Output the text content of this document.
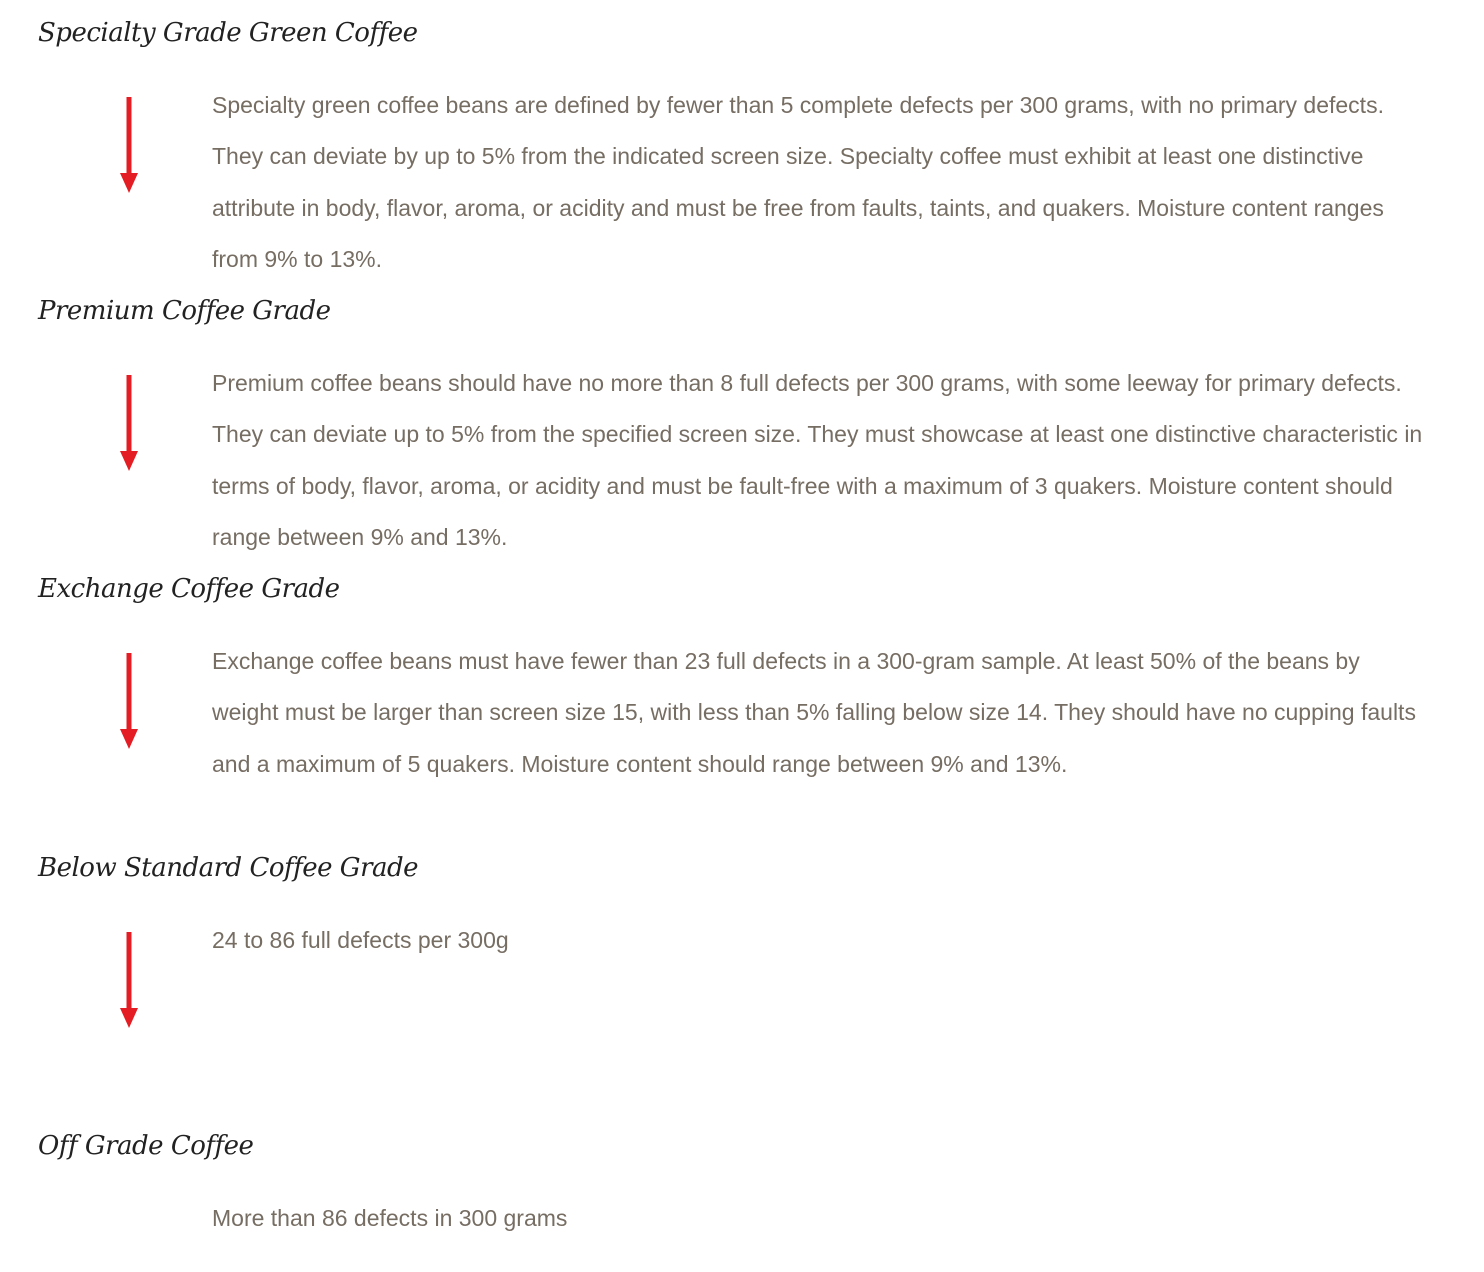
Specialty Grade Green Coffee

Specialty green coffee beans are defined by fewer than 5 complete defects per 300 grams, with no primary defects. They can deviate by up to 5% from the indicated screen size. Specialty coffee must exhibit at least one distinctive attribute in body, flavor, aroma, or acidity and must be free from faults, taints, and quakers. Moisture content ranges from 9% to 13%.

Premium Coffee Grade

Premium coffee beans should have no more than 8 full defects per 300 grams, with some leeway for primary defects. They can deviate up to 5% from the specified screen size. They must showcase at least one distinctive characteristic in terms of body, flavor, aroma, or acidity and must be fault-free with a maximum of 3 quakers. Moisture content should range between 9% and 13%.

Exchange Coffee Grade

Exchange coffee beans must have fewer than 23 full defects in a 300-gram sample. At least 50% of the beans by weight must be larger than screen size 15, with less than 5% falling below size 14. They should have no cupping faults and a maximum of 5 quakers. Moisture content should range between 9% and 13%.

Below Standard Coffee Grade

24 to 86 full defects per 300g

Off Grade Coffee

More than 86 defects in 300 grams
